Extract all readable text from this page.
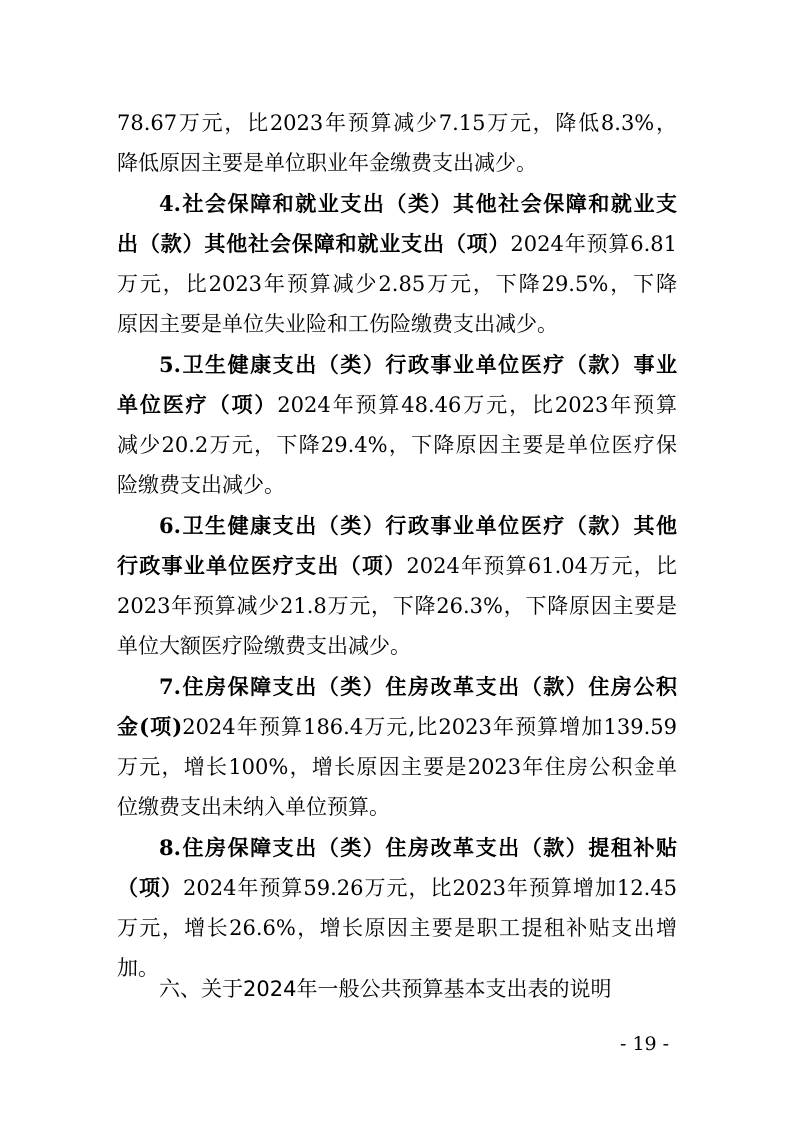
78.67万元，比2023年预算减少7.15万元，降低8.3%，
降低原因主要是单位职业年金缴费支出减少。
4.社会保障和就业支出（类）其他社会保障和就业支
出（款）其他社会保障和就业支出（项）2024年预算6.81
万元，比2023年预算减少2.85万元，下降29.5%，下降
原因主要是单位失业险和工伤险缴费支出减少。
5.卫生健康支出（类）行政事业单位医疗（款）事业
单位医疗（项）2024年预算48.46万元，比2023年预算
减少20.2万元，下降29.4%，下降原因主要是单位医疗保
险缴费支出减少。
6.卫生健康支出（类）行政事业单位医疗（款）其他
行政事业单位医疗支出（项）2024年预算61.04万元，比
2023年预算减少21.8万元，下降26.3%，下降原因主要是
单位大额医疗险缴费支出减少。
7.住房保障支出（类）住房改革支出（款）住房公积
金(项)2024年预算186.4万元,比2023年预算增加139.59
万元，增长100%，增长原因主要是2023年住房公积金单
位缴费支出未纳入单位预算。
8.住房保障支出（类）住房改革支出（款）提租补贴
（项）2024年预算59.26万元，比2023年预算增加12.45
万元，增长26.6%，增长原因主要是职工提租补贴支出增
加。
六、关于2024年一般公共预算基本支出表的说明
- 19 -
